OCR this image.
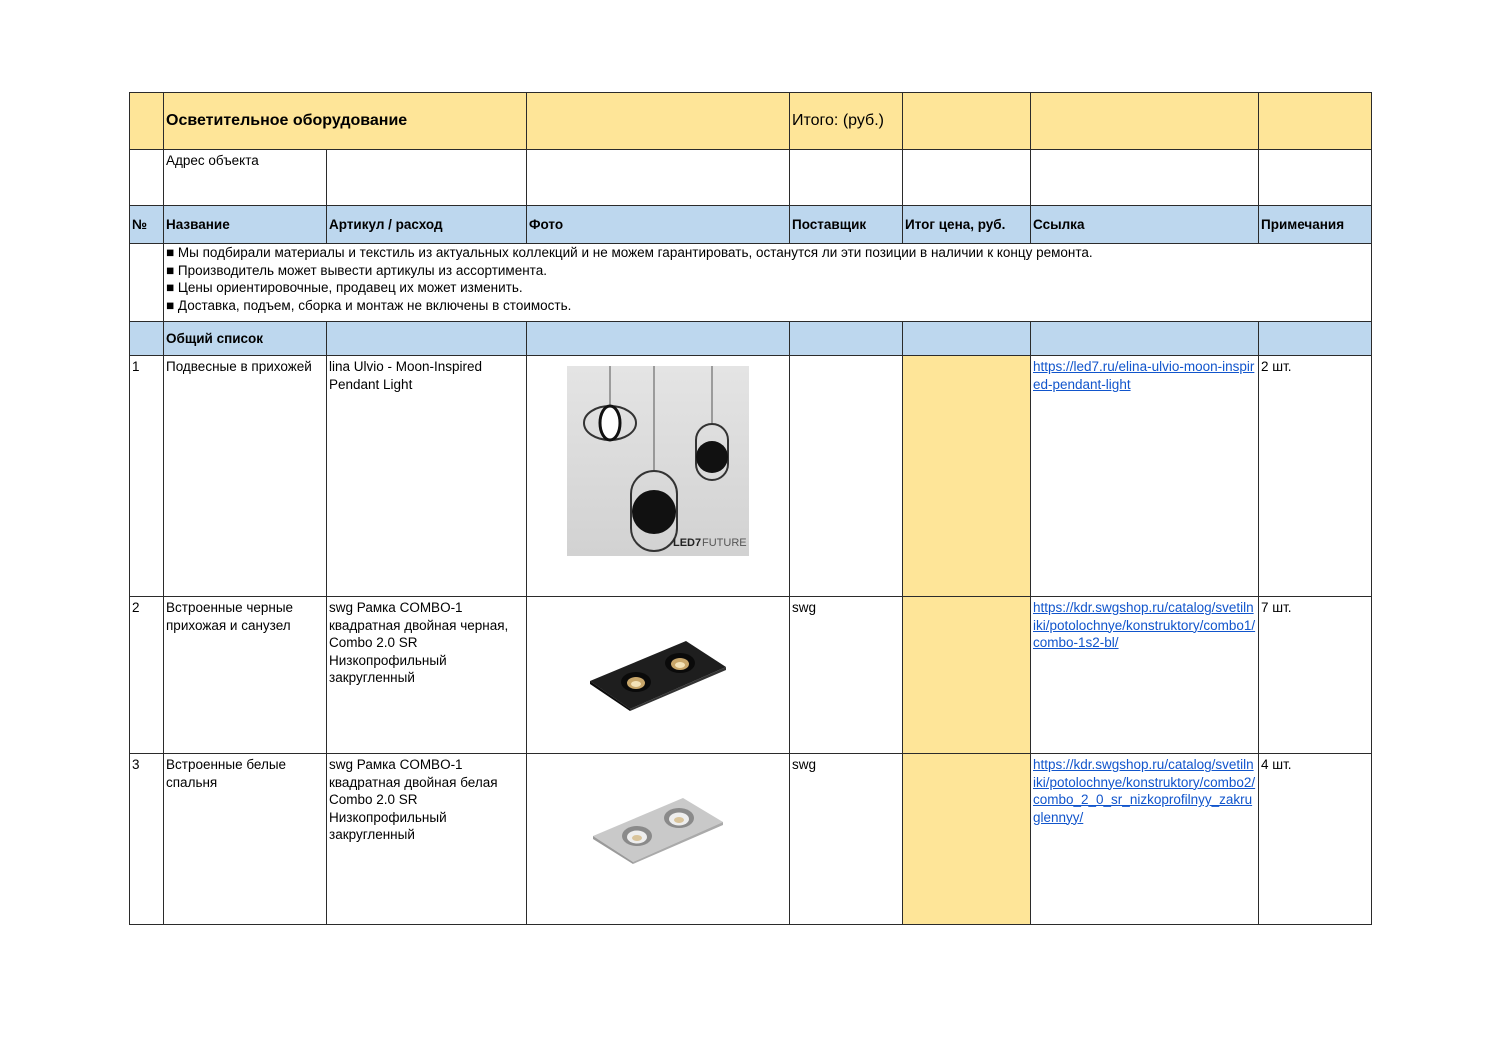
	Осветительное оборудование			Итого: (руб.)			
	Адрес объекта						
№	Название	Артикул / расход	Фото	Поставщик	Итог цена, руб.	Ссылка	Примечания

	■ Мы подбирали материалы и текстиль из актуальных коллекций и не можем гарантировать, останутся ли эти позиции в наличии к концу ремонта.
■ Производитель может вывести артикулы из ассортимента.
■ Цены ориентировочные, продавец их может изменить.
■ Доставка, подъем, сборка и монтаж не включены в стоимость.						

	Общий список						
1	Подвесные в прихожей	lina Ulvio - Moon-Inspired Pendant Light	LED7 FUTURE			https://led7.ru/elina-ulvio-moon-inspired-pendant-light	2 шт.
2	Встроенные черные прихожая и санузел	swg Рамка COMBO-1 квадратная двойная черная, Combo 2.0 SR Низкопрофильный закругленный		swg		https://kdr.swgshop.ru/catalog/svetilniki/potolochnye/konstruktory/combo1/combo-1s2-bl/	7 шт.
3	Встроенные белые спальня	swg Рамка COMBO-1 квадратная двойная белая Combo 2.0 SR Низкопрофильный закругленный		swg		https://kdr.swgshop.ru/catalog/svetilniki/potolochnye/konstruktory/combo2/combo_2_0_sr_nizkoprofilnyy_zakruglennyy/	4 шт.
